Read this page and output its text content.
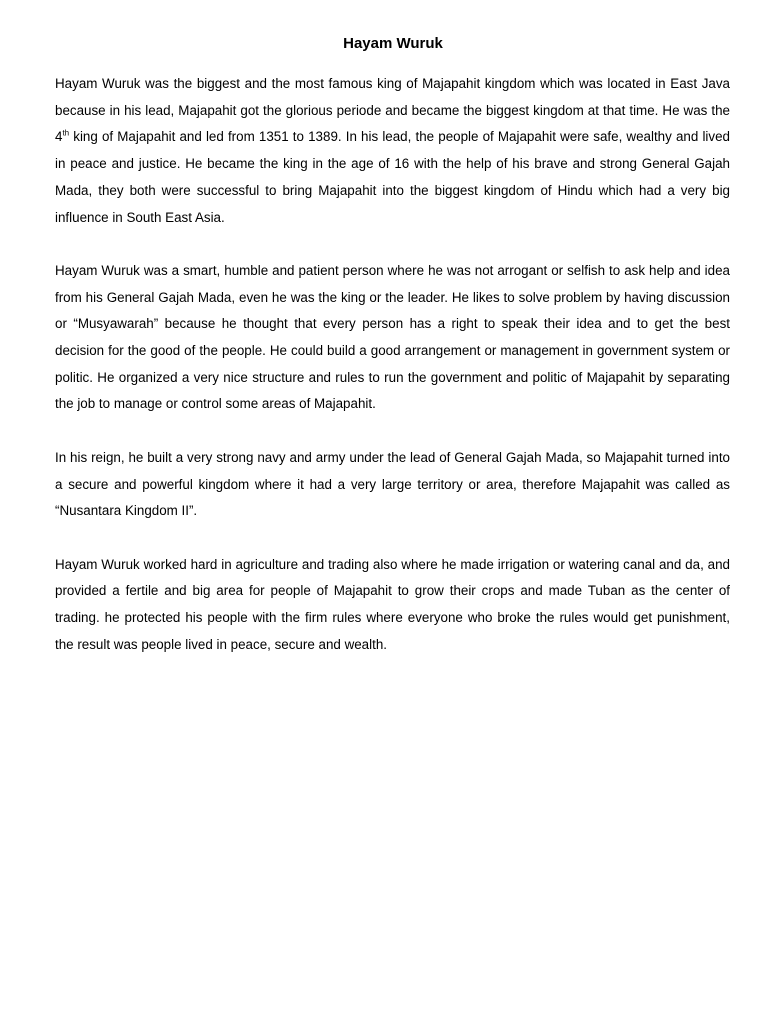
Hayam Wuruk

Hayam Wuruk was the biggest and the most famous king of Majapahit kingdom which was located in East Java because in his lead, Majapahit got the glorious periode and became the biggest kingdom at that time. He was the 4th king of Majapahit and led from 1351 to 1389. In his lead, the people of Majapahit were safe, wealthy and lived in peace and justice. He became the king in the age of 16 with the help of his brave and strong General Gajah Mada, they both were successful to bring Majapahit into the biggest kingdom of Hindu which had a very big influence in South East Asia.

Hayam Wuruk was a smart, humble and patient person where he was not arrogant or selfish to ask help and idea from his General Gajah Mada, even he was the king or the leader. He likes to solve problem by having discussion or “Musyawarah” because he thought that every person has a right to speak their idea and to get the best decision for the good of the people. He could build a good arrangement or management in government system or politic. He organized a very nice structure and rules to run the government and politic of Majapahit by separating the job to manage or control some areas of Majapahit.

In his reign, he built a very strong navy and army under the lead of General Gajah Mada, so Majapahit turned into a secure and powerful kingdom where it had a very large territory or area, therefore Majapahit was called as “Nusantara Kingdom II”.

Hayam Wuruk worked hard in agriculture and trading also where he made irrigation or watering canal and da, and provided a fertile and big area for people of Majapahit to grow their crops and made Tuban as the center of trading. he protected his people with the firm rules where everyone who broke the rules would get punishment, the result was people lived in peace, secure and wealth.
